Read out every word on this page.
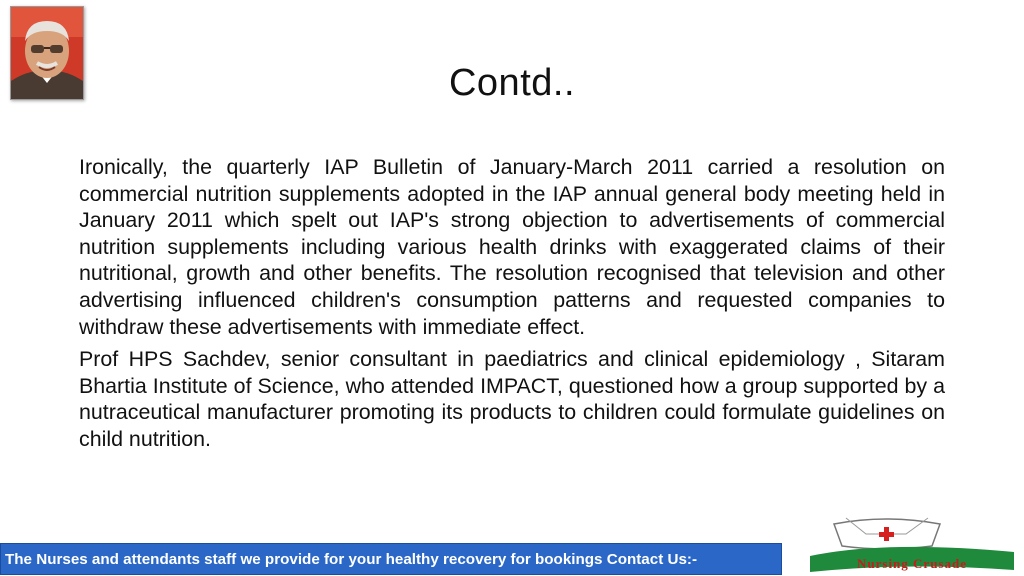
Contd..

Ironically, the quarterly IAP Bulletin of January-March 2011 carried a resolution on commercial nutrition supplements adopted in the IAP annual general body meeting held in January 2011 which spelt out IAP's strong objection to advertisements of commercial nutrition supplements including various health drinks with exaggerated claims of their nutritional, growth and other benefits. The resolution recognised that television and other advertising influenced children's consumption patterns and requested companies to withdraw these advertisements with immediate effect.

Prof HPS Sachdev, senior consultant in paediatrics and clinical epidemiology , Sitaram Bhartia Institute of Science, who attended IMPACT, questioned how a group supported by a nutraceutical manufacturer promoting its products to children could formulate guidelines on child nutrition.

The Nurses and attendants staff we provide for your healthy recovery for bookings Contact Us:-	Nursing Crusade
